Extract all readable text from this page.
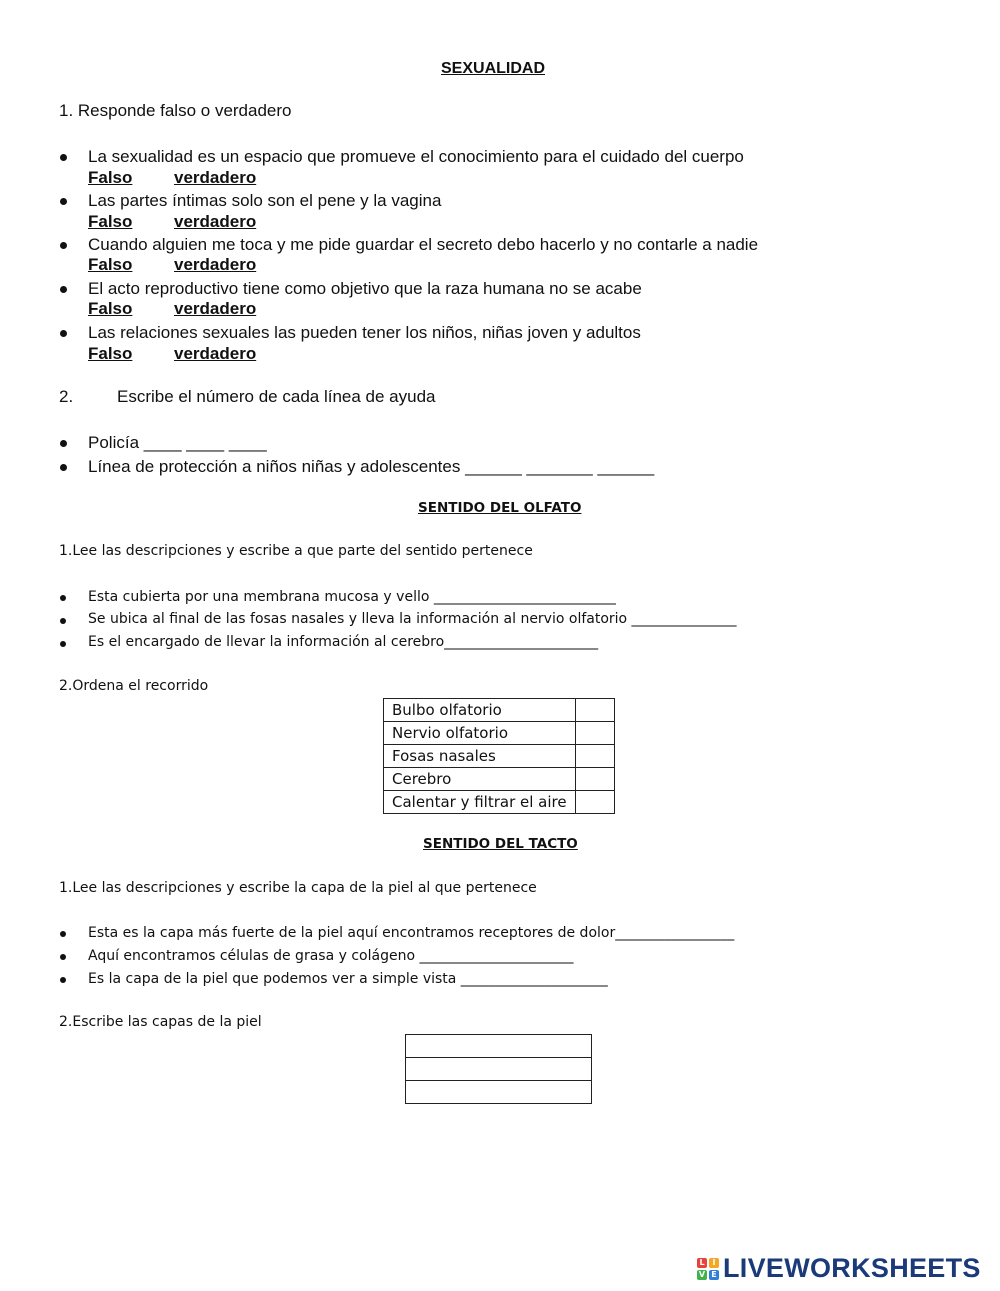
SEXUALIDAD
1. Responde falso o verdadero
La sexualidad es un espacio que promueve el conocimiento para el cuidado del cuerpo
Falso verdadero
Las partes íntimas solo son el pene y la vagina
Falso verdadero
Cuando alguien me toca y me pide guardar el secreto debo hacerlo y no contarle a nadie
Falso verdadero
El acto reproductivo tiene como objetivo que la raza humana no se acabe
Falso verdadero
Las relaciones sexuales las pueden tener los niños, niñas joven y adultos
Falso verdadero
2.	Escribe el número de cada línea de ayuda
Policía ____ ____ ____
Línea de protección a niños niñas y adolescentes ______ _______ ______
SENTIDO DEL OLFATO
1.Lee las descripciones y escribe a que parte del sentido pertenece
Esta cubierta por una membrana mucosa y vello __________________________
Se ubica al final de las fosas nasales y lleva la información al nervio olfatorio _______________
Es el encargado de llevar la información al cerebro______________________
2.Ordena el recorrido
Bulbo olfatorio	
Nervio olfatorio	
Fosas nasales	
Cerebro	
Calentar y filtrar el aire	
SENTIDO DEL TACTO
1.Lee las descripciones y escribe la capa de la piel al que pertenece
Esta es la capa más fuerte de la piel aquí encontramos receptores de dolor_________________
Aquí encontramos células de grasa y colágeno ______________________
Es la capa de la piel que podemos ver a simple vista _____________________
2.Escribe las capas de la piel

L I
V E LIVEWORKSHEETS
